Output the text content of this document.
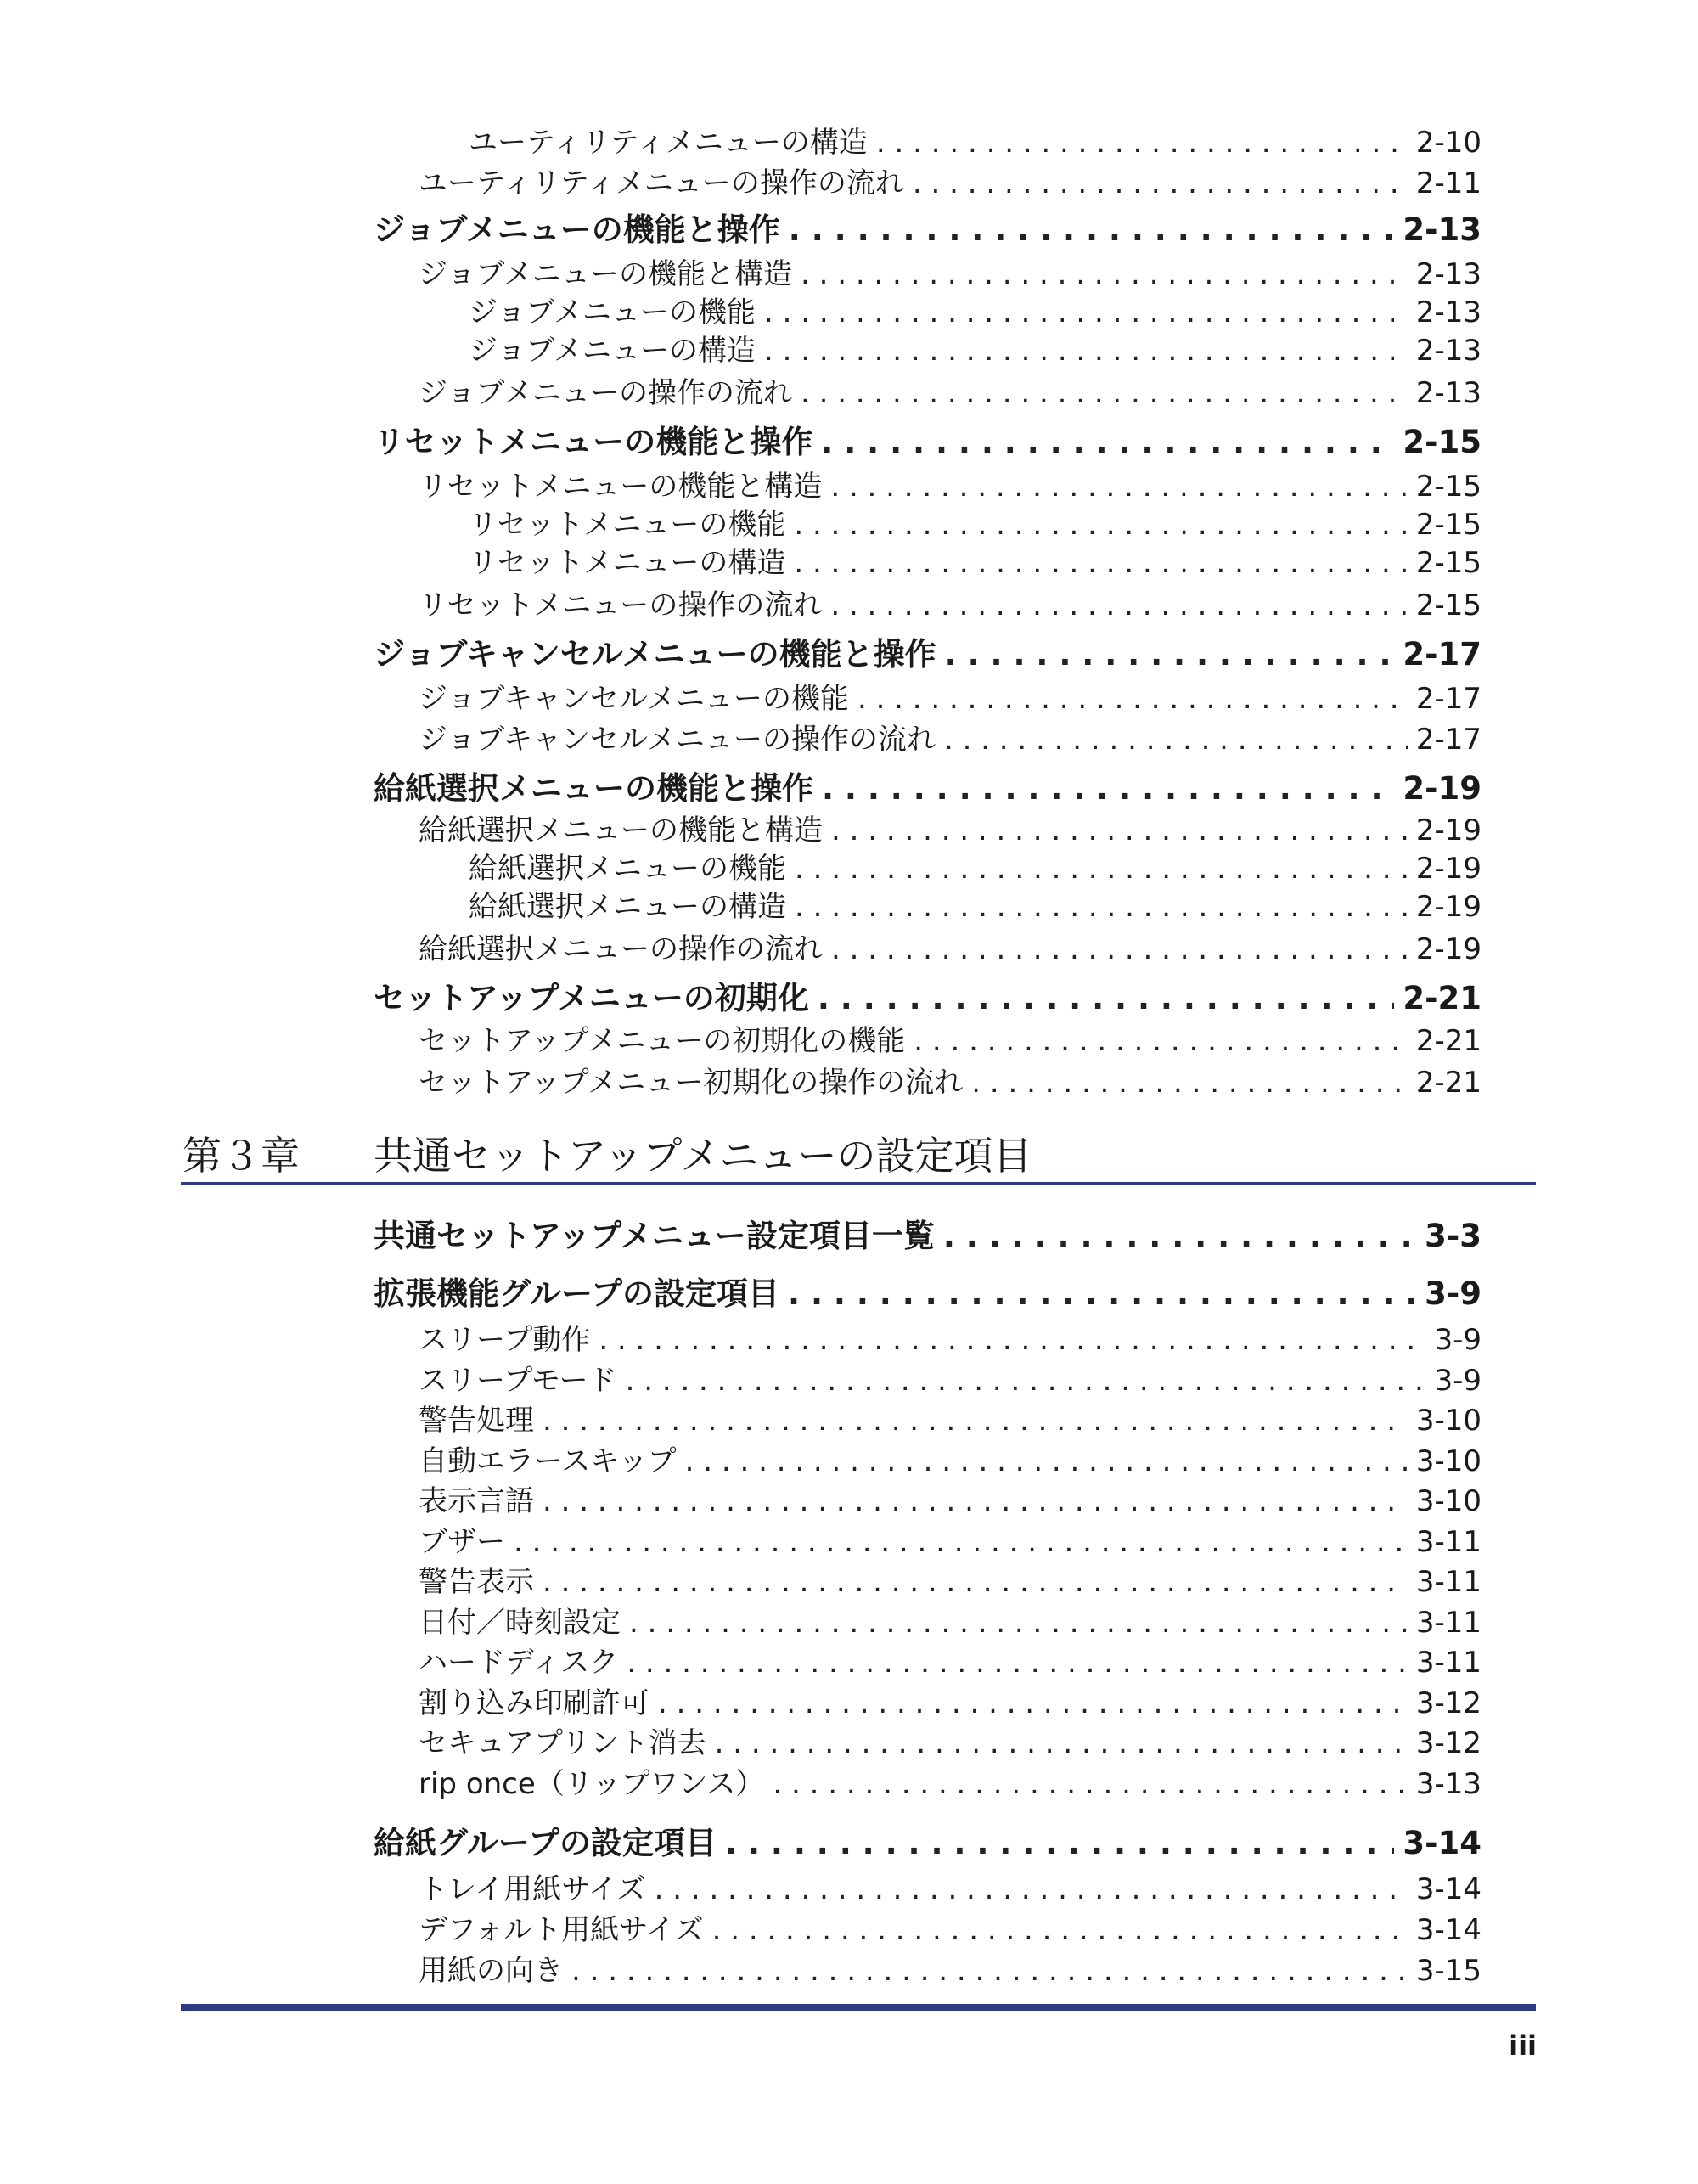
ユーティリティメニューの構造 . . .	2-10
ユーティリティメニューの操作の流れ . . .	2-11
ジョブメニューの機能と操作 . . .	2-13
ジョブメニューの機能と構造 . . .	2-13
ジョブメニューの機能 . . .	2-13
ジョブメニューの構造 . . .	2-13
ジョブメニューの操作の流れ . . .	2-13
リセットメニューの機能と操作 . . .	2-15
リセットメニューの機能と構造 . . .	2-15
リセットメニューの機能 . . .	2-15
リセットメニューの構造 . . .	2-15
リセットメニューの操作の流れ . . .	2-15
ジョブキャンセルメニューの機能と操作 . . .	2-17
ジョブキャンセルメニューの機能 . . .	2-17
ジョブキャンセルメニューの操作の流れ . . .	2-17
給紙選択メニューの機能と操作 . . .	2-19
給紙選択メニューの機能と構造 . . .	2-19
給紙選択メニューの機能 . . .	2-19
給紙選択メニューの構造 . . .	2-19
給紙選択メニューの操作の流れ . . .	2-19
セットアップメニューの初期化 . . .	2-21
セットアップメニューの初期化の機能 . . .	2-21
セットアップメニュー初期化の操作の流れ . . .	2-21
第３章 共通セットアップメニューの設定項目
共通セットアップメニュー設定項目一覧 . . .	3-3
拡張機能グループの設定項目 . . .	3-9
スリープ動作 . . .	3-9
スリープモード . . .	3-9
警告処理 . . .	3-10
自動エラースキップ . . .	3-10
表示言語 . . .	3-10
ブザー . . .	3-11
警告表示 . . .	3-11
日付／時刻設定 . . .	3-11
ハードディスク . . .	3-11
割り込み印刷許可 . . .	3-12
セキュアプリント消去 . . .	3-12
rip once（リップワンス） . . .	3-13
給紙グループの設定項目 . . .	3-14
トレイ用紙サイズ . . .	3-14
デフォルト用紙サイズ . . .	3-14
用紙の向き . . .	3-15
iii
